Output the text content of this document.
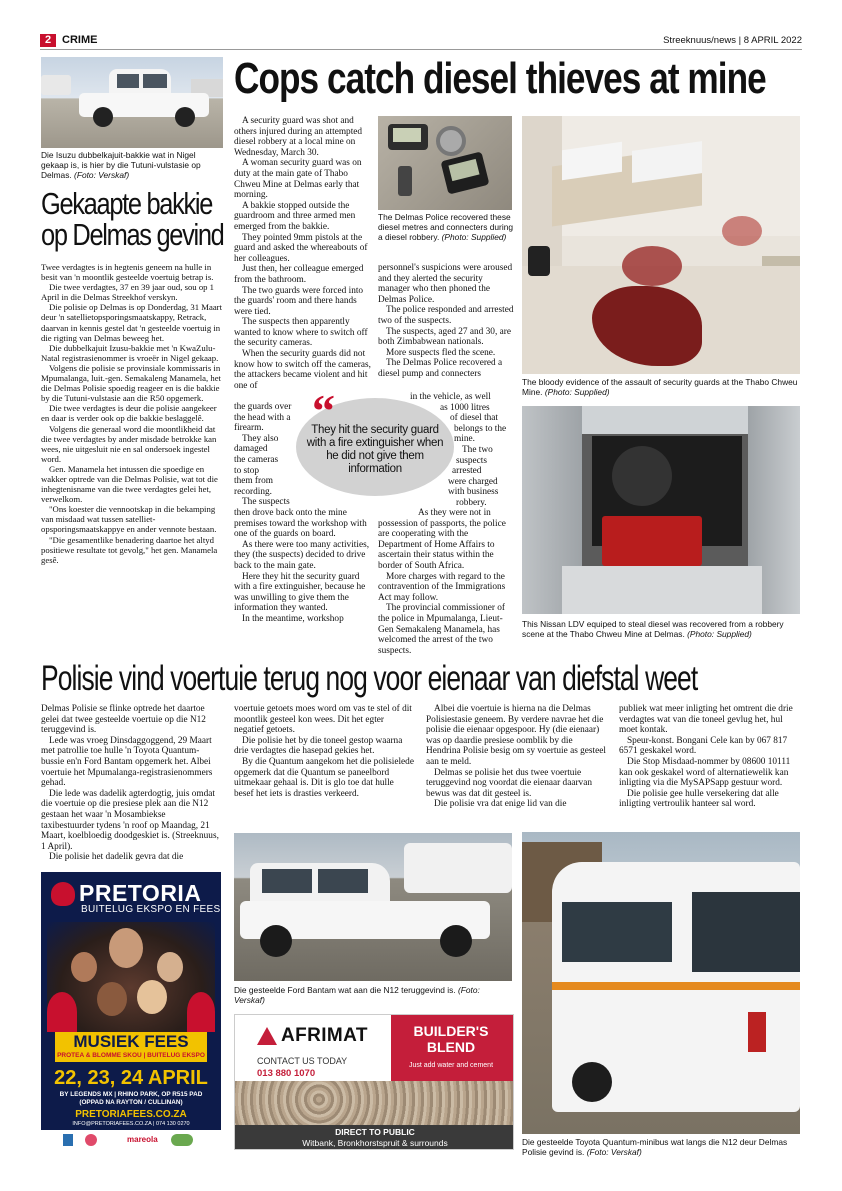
2 CRIME	Streeknuus/news | 8 APRIL 2022
Die Isuzu dubbelkajuit-bakkie wat in Nigel gekaap is, is hier by die Tutuni-vulstasie op Delmas. (Foto: Verskaf)
Gekaapte bakkie
op Delmas gevind

Twee verdagtes is in hegtenis geneem na hulle in besit van 'n moontlik gesteelde voertuig betrap is.

Die twee verdagtes, 37 en 39 jaar oud, sou op 1 April in die Delmas Streekhof verskyn.

Die polisie op Delmas is op Donderdag, 31 Maart deur 'n satellietopsporingsmaatskappy, Retrack, daarvan in kennis gestel dat 'n gesteelde voertuig in die rigting van Delmas beweeg het.

Die dubbelkajuit Izusu-bakkie met 'n KwaZulu-Natal registrasienommer is vroeër in Nigel gekaap.

Volgens die polisie se provinsiale kommissaris in Mpumalanga, luit.-gen. Semakaleng Manamela, het die Delmas Polisie spoedig reageer en is die bakkie by die Tutuni-vulstasie aan die R50 opgemerk.

Die twee verdagtes is deur die polisie aangekeer en daar is verder ook op die bakkie beslaggelê.

Volgens die generaal word die moontlikheid dat die twee verdagtes by ander misdade betrokke kan wees, nie uitgesluit nie en sal ondersoek ingestel word.

Gen. Manamela het intussen die spoedige en wakker optrede van die Delmas Polisie, wat tot die inhegtenisname van die twee verdagtes gelei het, verwelkom.

"Ons koester die vennootskap in die bekamping van misdaad wat tussen satellietopsporingsmaatskappye en ander vennote bestaan.

"Die gesamentlike benadering daartoe het altyd positiewe resultate tot gevolg," het gen. Manamela gesê.

Cops catch diesel thieves at mine

A security guard was shot and others injured during an attempted diesel robbery at a local mine on Wednesday, March 30.

A woman security guard was on duty at the main gate of Thabo Chweu Mine at Delmas early that morning.

A bakkie stopped outside the guardroom and three armed men emerged from the bakkie.

They pointed 9mm pistols at the guard and asked the whereabouts of her colleagues.

Just then, her colleague emerged from the bathroom.

The two guards were forced into the guards' room and there hands were tied.

The suspects then apparently wanted to know where to switch off the security cameras.

When the security guards did not know how to switch off the cameras, the attackers became violent and hit one of

the guards over
the head with a
firearm.
They also
damaged
the cameras
to stop
them from
recording.
The suspects

then drove back onto the mine premises toward the workshop with one of the guards on board.

As there were too many activities, they (the suspects) decided to drive back to the main gate.

Here they hit the security guard with a fire extinguisher, because he was unwilling to give them the information they wanted.

In the meantime, workshop

The Delmas Police recovered these diesel metres and connecters during a diesel robbery. (Photo: Supplied)

personnel's suspicions were aroused and they alerted the security manager who then phoned the Delmas Police.

The police responded and arrested two of the suspects.

The suspects, aged 27 and 30, are both Zimbabwean nationals.

More suspects fled the scene.

The Delmas Police recovered a diesel pump and connecters

in the vehicle, as well
as 1000 litres
of diesel that
belongs to the
mine.
The two
suspects
arrested
were charged
with business
robbery.

As they were not in possession of passports, the police are cooperating with the Department of Home Affairs to ascertain their status within the border of South Africa.

More charges with regard to the contravention of the Immigrations Act may follow.

The provincial commissioner of the police in Mpumalanga, Lieut-Gen Semakaleng Manamela, has welcomed the arrest of the two suspects.

“
They hit the security guard with a fire extinguisher when he did not give them information
The bloody evidence of the assault of security guards at the Thabo Chweu Mine. (Photo: Supplied)
This Nissan LDV equiped to steal diesel was recovered from a robbery scene at the Thabo Chweu Mine at Delmas. (Photo: Supplied)
Polisie vind voertuie terug nog voor eienaar van diefstal weet

Delmas Polisie se flinke optrede het daartoe gelei dat twee gesteelde voertuie op die N12 teruggevind is.

Lede was vroeg Dinsdaggoggend, 29 Maart met patrollie toe hulle 'n Toyota Quantum-bussie en'n Ford Bantam opgemerk het. Albei voertuie het Mpumalanga-registrasienommers gehad.

Die lede was dadelik agterdogtig, juis omdat die voertuie op die presiese plek aan die N12 gestaan het waar 'n Mosambiekse taxibestuurder tydens 'n roof op Maandag, 21 Maart, koelbloedig doodgeskiet is. (Streeknuus, 1 April).

Die polisie het dadelik gevra dat die

voertuie getoets moes word om vas te stel of dit moontlik gesteel kon wees. Dit het egter negatief getoets.

Die polisie het by die toneel gestop waarna drie verdagtes die hasepad gekies het.

By die Quantum aangekom het die polisielede opgemerk dat die Quantum se paneelbord uitmekaar gehaal is. Dit is glo toe dat hulle besef het iets is drasties verkeerd.

Albei die voertuie is hierna na die Delmas Polisiestasie geneem. By verdere navrae het die polisie die eienaar opgespoor. Hy (die eienaar) was op daardie presiese oomblik by die Hendrina Polisie besig om sy voertuie as gesteel aan te meld.

Delmas se polisie het dus twee voertuie teruggevind nog voordat die eienaar daarvan bewus was dat dit gesteel is.

Die polisie vra dat enige lid van die

publiek wat meer inligting het omtrent die drie verdagtes wat van die toneel gevlug het, hul moet kontak.

Speur-konst. Bongani Cele kan by 067 817 6571 geskakel word.

Die Stop Misdaad-nommer by 08600 10111 kan ook geskakel word of alternatiewelik kan inligting via die MySAPSapp gestuur word.

Die polisie gee hulle versekering dat alle inligting vertroulik hanteer sal word.

Die gesteelde Ford Bantam wat aan die N12 teruggevind is. (Foto: Verskaf)
Die gesteelde Toyota Quantum-minibus wat langs die N12 deur Delmas Polisie gevind is. (Foto: Verskaf)
PRETORIA
BUITELUG EKSPO EN FEES
MUSIEK FEES
PROTEA & BLOMME SKOU | BUITELUG EKSPO
22, 23, 24 APRIL
BY LEGENDS MX | RHINO PARK, OP R515 PAD
(OPPAD NA RAYTON / CULLINAN)
PRETORIAFEES.CO.ZA
INFO@PRETORIAFEES.CO.ZA | 074 130 0270
mareola
AFRIMAT
CONTACT US TODAY
013 880 1070
BUILDER'S
BLEND
Just add water and cement
DIRECT TO PUBLIC
Witbank, Bronkhorstspruit & surrounds
